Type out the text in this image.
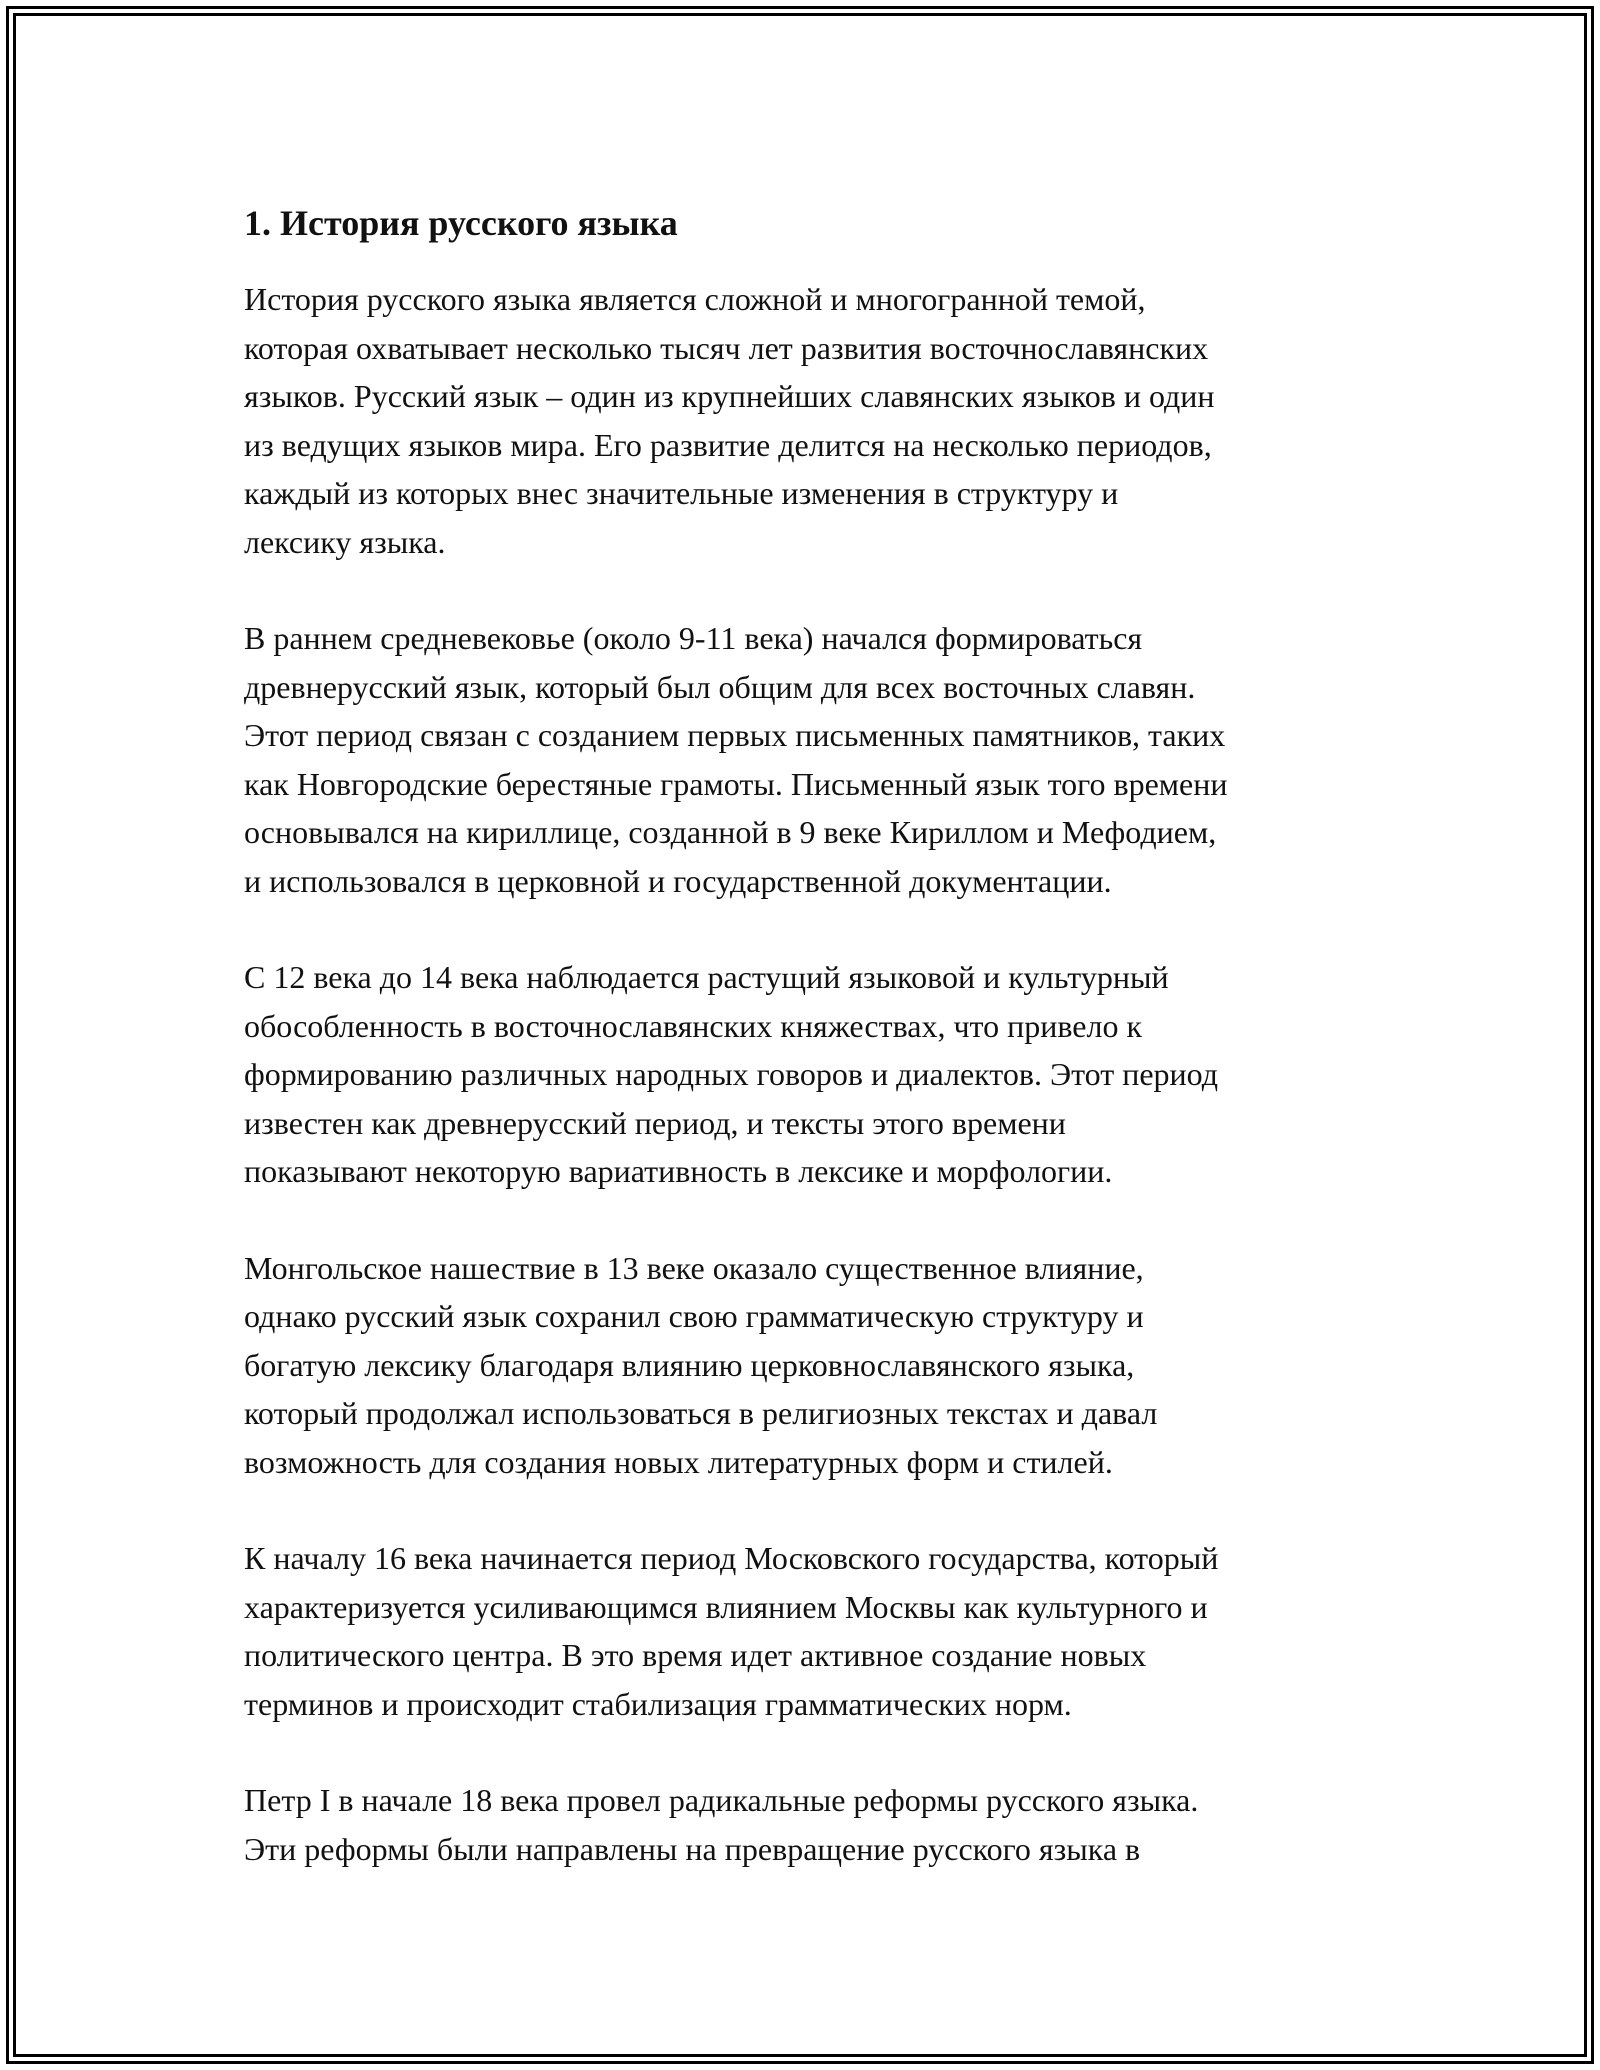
1. История русского языка

История русского языка является сложной и многогранной темой,
которая охватывает несколько тысяч лет развития восточнославянских
языков. Русский язык – один из крупнейших славянских языков и один
из ведущих языков мира. Его развитие делится на несколько периодов,
каждый из которых внес значительные изменения в структуру и
лексику языка.

В раннем средневековье (около 9-11 века) начался формироваться
древнерусский язык, который был общим для всех восточных славян.
Этот период связан с созданием первых письменных памятников, таких
как Новгородские берестяные грамоты. Письменный язык того времени
основывался на кириллице, созданной в 9 веке Кириллом и Мефодием,
и использовался в церковной и государственной документации.

С 12 века до 14 века наблюдается растущий языковой и культурный
обособленность в восточнославянских княжествах, что привело к
формированию различных народных говоров и диалектов. Этот период
известен как древнерусский период, и тексты этого времени
показывают некоторую вариативность в лексике и морфологии.

Монгольское нашествие в 13 веке оказало существенное влияние,
однако русский язык сохранил свою грамматическую структуру и
богатую лексику благодаря влиянию церковнославянского языка,
который продолжал использоваться в религиозных текстах и давал
возможность для создания новых литературных форм и стилей.

К началу 16 века начинается период Московского государства, который
характеризуется усиливающимся влиянием Москвы как культурного и
политического центра. В это время идет активное создание новых
терминов и происходит стабилизация грамматических норм.

Петр I в начале 18 века провел радикальные реформы русского языка.
Эти реформы были направлены на превращение русского языка в
